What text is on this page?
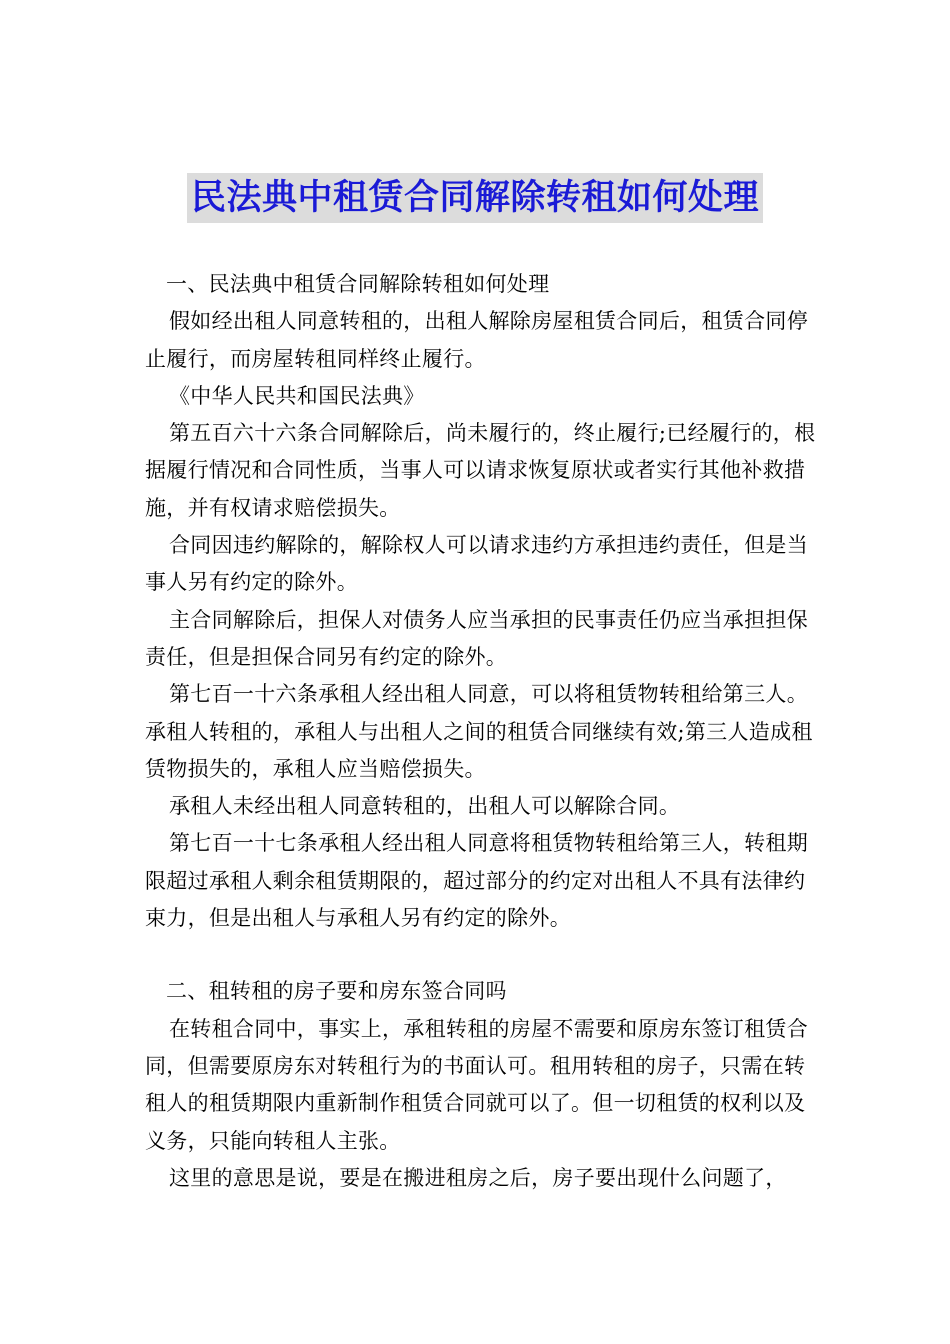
民法典中租赁合同解除转租如何处理

一、民法典中租赁合同解除转租如何处理

假如经出租人同意转租的，出租人解除房屋租赁合同后，租赁合同停止履行，而房屋转租同样终止履行。

《中华人民共和国民法典》

第五百六十六条合同解除后，尚未履行的，终止履行;已经履行的，根据履行情况和合同性质，当事人可以请求恢复原状或者实行其他补救措施，并有权请求赔偿损失。

合同因违约解除的，解除权人可以请求违约方承担违约责任，但是当事人另有约定的除外。

主合同解除后，担保人对债务人应当承担的民事责任仍应当承担担保责任，但是担保合同另有约定的除外。

第七百一十六条承租人经出租人同意，可以将租赁物转租给第三人。承租人转租的，承租人与出租人之间的租赁合同继续有效;第三人造成租赁物损失的，承租人应当赔偿损失。

承租人未经出租人同意转租的，出租人可以解除合同。

第七百一十七条承租人经出租人同意将租赁物转租给第三人，转租期限超过承租人剩余租赁期限的，超过部分的约定对出租人不具有法律约束力，但是出租人与承租人另有约定的除外。

二、租转租的房子要和房东签合同吗

在转租合同中，事实上，承租转租的房屋不需要和原房东签订租赁合同，但需要原房东对转租行为的书面认可。租用转租的房子，只需在转租人的租赁期限内重新制作租赁合同就可以了。但一切租赁的权利以及义务，只能向转租人主张。

这里的意思是说，要是在搬进租房之后，房子要出现什么问题了，
